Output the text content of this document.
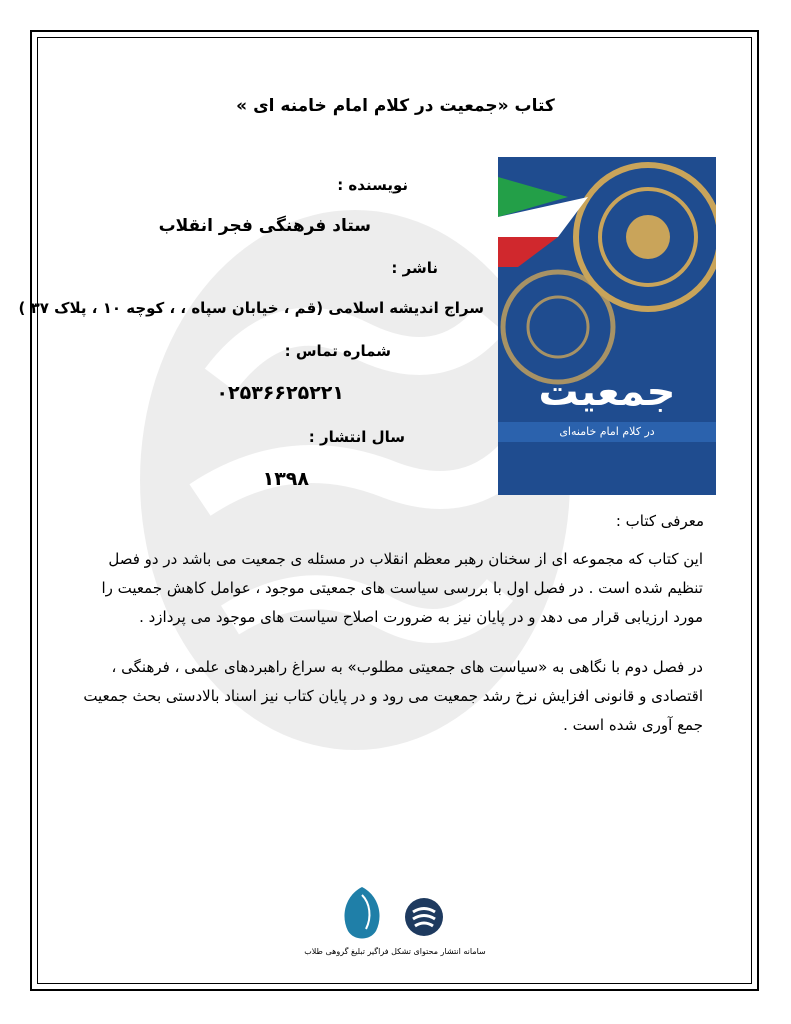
کتاب «جمعیت در کلام امام خامنه ای »
نویسنده :
ستاد فرهنگی فجر انقلاب
ناشر :
سراج اندیشه اسلامی (قم ، خیابان سپاه ، ، کوچه ۱۰ ، پلاک ۳۷ )
شماره تماس :
۰۲۵۳۶۶۲۵۲۲۱
سال انتشار :
۱۳۹۸
جمعیت
در کلام امام خامنه‌ای
معرفی کتاب :
این کتاب که مجموعه ای از سخنان رهبر معظم انقلاب در مسئله ی جمعیت می باشد در دو فصل تنظیم شده است . در فصل اول با بررسی سیاست های جمعیتی موجود ، عوامل کاهش جمعیت را مورد ارزیابی قرار می دهد و در پایان نیز به ضرورت اصلاح سیاست های موجود می پردازد .
در فصل دوم با نگاهی به «سیاست های جمعیتی مطلوب» به سراغ راهبردهای علمی ، فرهنگی ، اقتصادی و قانونی افزایش نرخ رشد جمعیت می رود و در پایان کتاب نیز اسناد بالادستی بحث جمعیت جمع آوری شده است .
سامانه انتشار محتوای تشکل فراگیر تبلیغ گروهی طلاب
